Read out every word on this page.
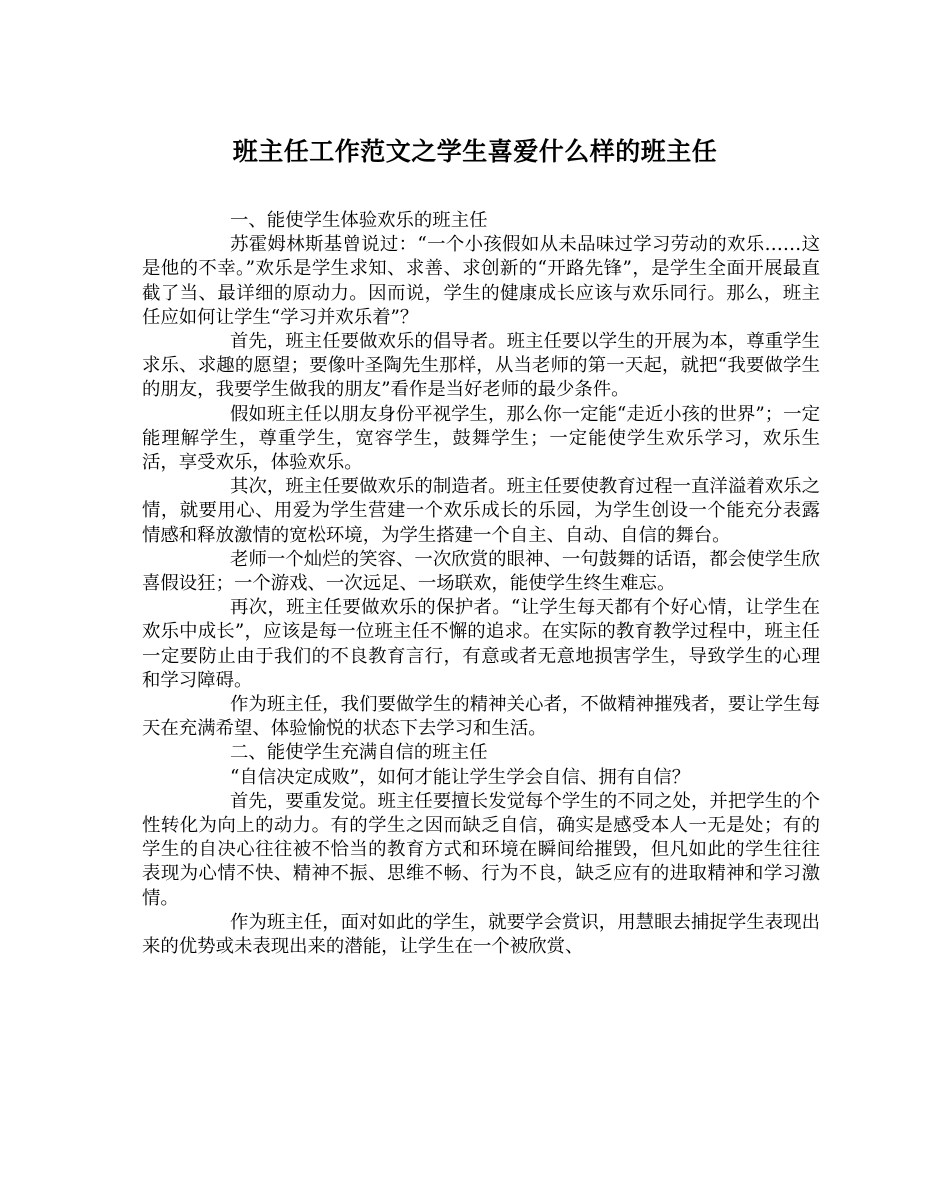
班主任工作范文之学生喜爱什么样的班主任

一、能使学生体验欢乐的班主任

苏霍姆林斯基曾说过：“一个小孩假如从未品味过学习劳动的欢乐……这是他的不幸。”欢乐是学生求知、求善、求创新的“开路先锋”，是学生全面开展最直截了当、最详细的原动力。因而说，学生的健康成长应该与欢乐同行。那么，班主任应如何让学生“学习并欢乐着”？

首先，班主任要做欢乐的倡导者。班主任要以学生的开展为本，尊重学生求乐、求趣的愿望；要像叶圣陶先生那样，从当老师的第一天起，就把“我要做学生的朋友，我要学生做我的朋友”看作是当好老师的最少条件。

假如班主任以朋友身份平视学生，那么你一定能“走近小孩的世界”；一定能理解学生，尊重学生，宽容学生，鼓舞学生；一定能使学生欢乐学习，欢乐生活，享受欢乐，体验欢乐。

其次，班主任要做欢乐的制造者。班主任要使教育过程一直洋溢着欢乐之情，就要用心、用爱为学生营建一个欢乐成长的乐园，为学生创设一个能充分表露情感和释放激情的宽松环境，为学生搭建一个自主、自动、自信的舞台。

老师一个灿烂的笑容、一次欣赏的眼神、一句鼓舞的话语，都会使学生欣喜假设狂；一个游戏、一次远足、一场联欢，能使学生终生难忘。

再次，班主任要做欢乐的保护者。“让学生每天都有个好心情，让学生在欢乐中成长”，应该是每一位班主任不懈的追求。在实际的教育教学过程中，班主任一定要防止由于我们的不良教育言行，有意或者无意地损害学生，导致学生的心理和学习障碍。

作为班主任，我们要做学生的精神关心者，不做精神摧残者，要让学生每天在充满希望、体验愉悦的状态下去学习和生活。

二、能使学生充满自信的班主任

“自信决定成败”，如何才能让学生学会自信、拥有自信？

首先，要重发觉。班主任要擅长发觉每个学生的不同之处，并把学生的个性转化为向上的动力。有的学生之因而缺乏自信，确实是感受本人一无是处；有的学生的自决心往往被不恰当的教育方式和环境在瞬间给摧毁，但凡如此的学生往往表现为心情不快、精神不振、思维不畅、行为不良，缺乏应有的进取精神和学习激情。

作为班主任，面对如此的学生，就要学会赏识，用慧眼去捕捉学生表现出来的优势或未表现出来的潜能，让学生在一个被欣赏、
